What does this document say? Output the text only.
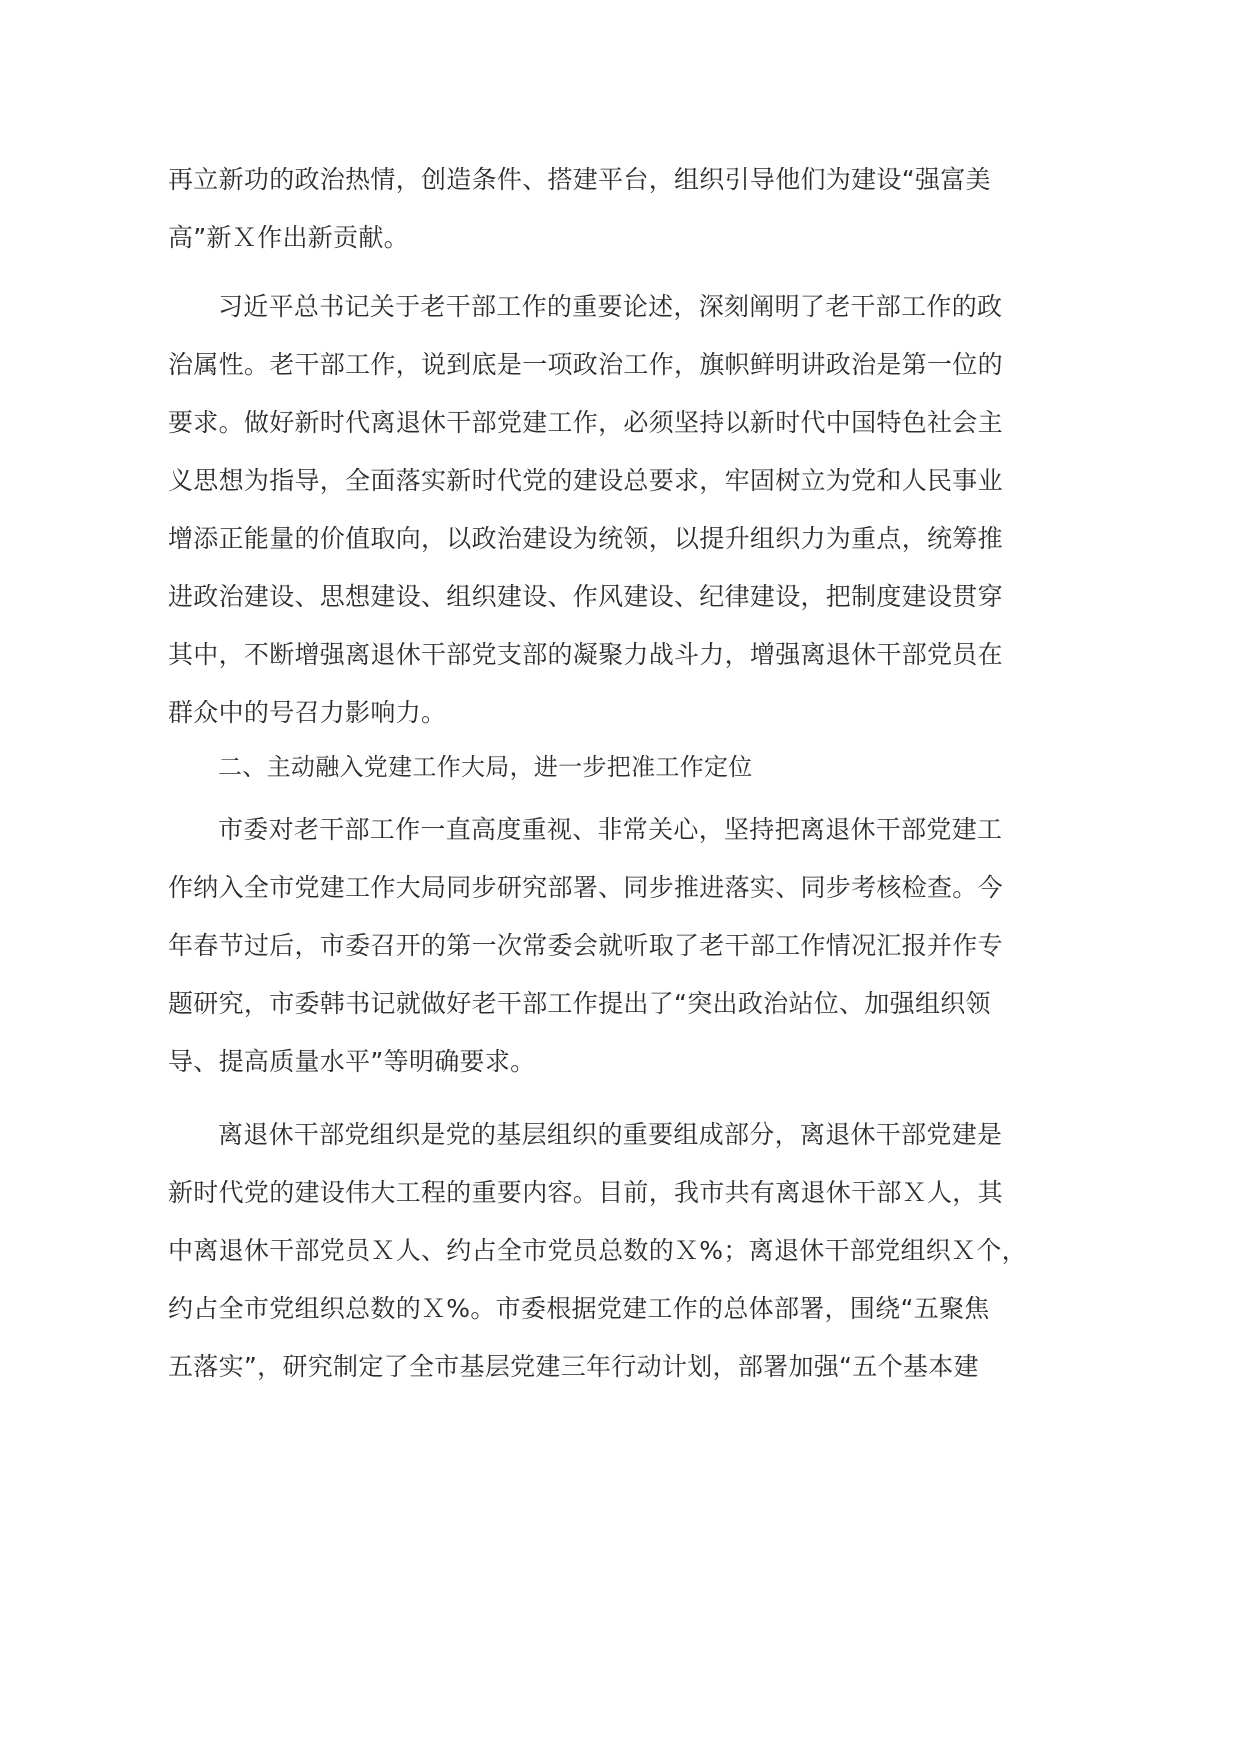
再立新功的政治热情，创造条件、搭建平台，组织引导他们为建设“强富美
高”新Ｘ作出新贡献。
习近平总书记关于老干部工作的重要论述，深刻阐明了老干部工作的政
治属性。老干部工作，说到底是一项政治工作，旗帜鲜明讲政治是第一位的
要求。做好新时代离退休干部党建工作，必须坚持以新时代中国特色社会主
义思想为指导，全面落实新时代党的建设总要求，牢固树立为党和人民事业
增添正能量的价值取向，以政治建设为统领，以提升组织力为重点，统筹推
进政治建设、思想建设、组织建设、作风建设、纪律建设，把制度建设贯穿
其中，不断增强离退休干部党支部的凝聚力战斗力，增强离退休干部党员在
群众中的号召力影响力。
二、主动融入党建工作大局，进一步把准工作定位
市委对老干部工作一直高度重视、非常关心，坚持把离退休干部党建工
作纳入全市党建工作大局同步研究部署、同步推进落实、同步考核检查。今
年春节过后，市委召开的第一次常委会就听取了老干部工作情况汇报并作专
题研究，市委韩书记就做好老干部工作提出了“突出政治站位、加强组织领
导、提高质量水平”等明确要求。
离退休干部党组织是党的基层组织的重要组成部分，离退休干部党建是
新时代党的建设伟大工程的重要内容。目前，我市共有离退休干部Ｘ人，其
中离退休干部党员Ｘ人、约占全市党员总数的Ｘ%；离退休干部党组织Ｘ个，
约占全市党组织总数的Ｘ%。市委根据党建工作的总体部署，围绕“五聚焦
五落实”，研究制定了全市基层党建三年行动计划，部署加强“五个基本建
